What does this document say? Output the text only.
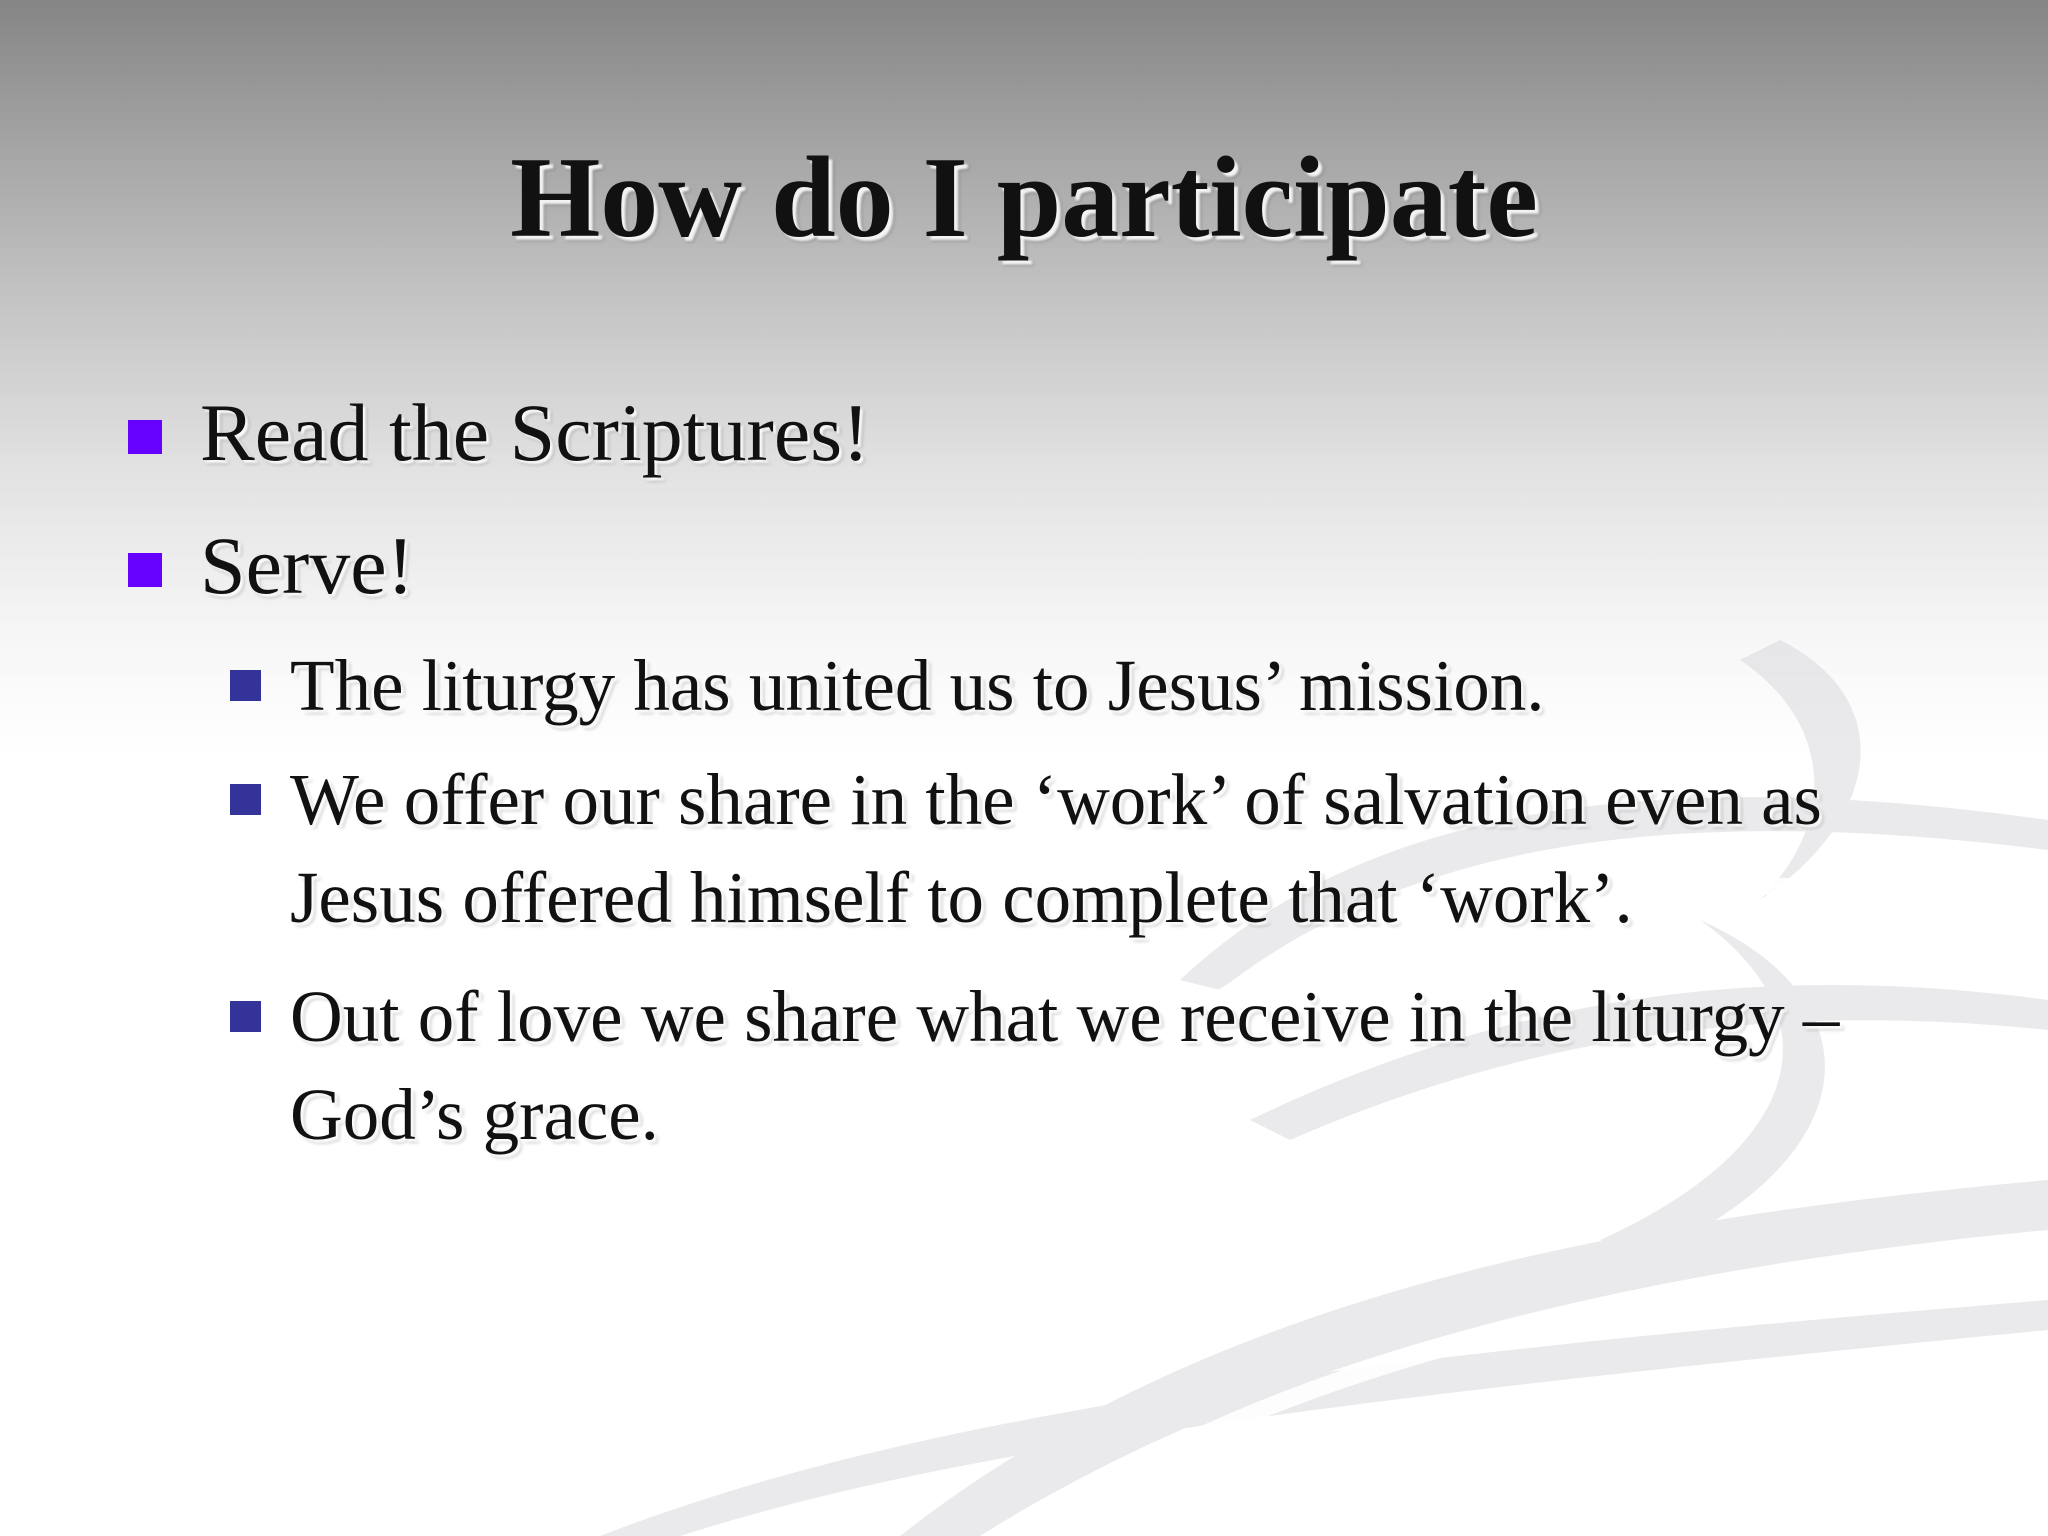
How do I participate
Read the Scriptures!
Serve!
The liturgy has united us to Jesus’ mission.
We offer our share in the ‘work’ of salvation even as Jesus offered himself to complete that ‘work’.
Out of love we share what we receive in the liturgy – God’s grace.
